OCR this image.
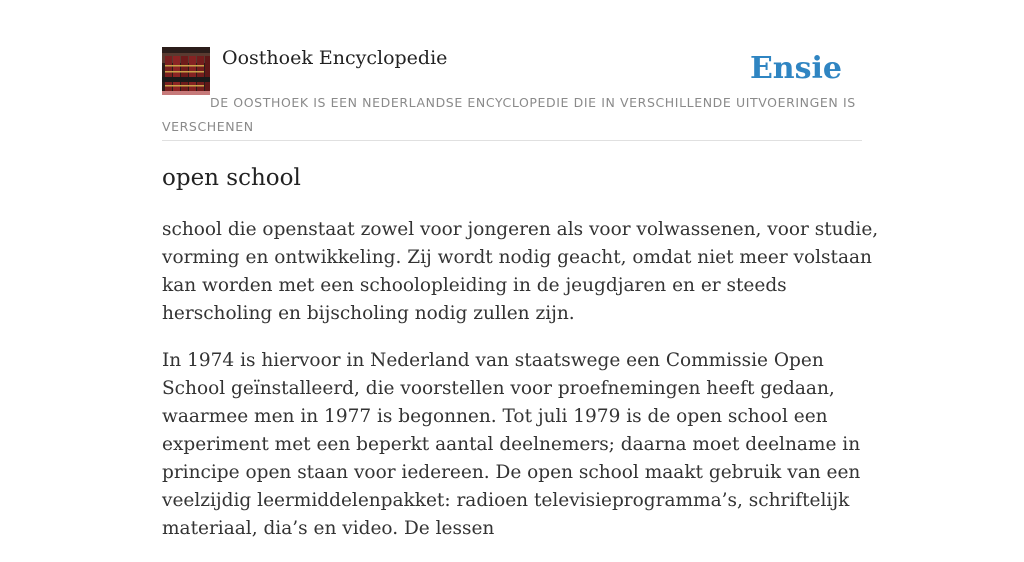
Oosthoek Encyclopedie	Ensie
DE OOSTHOEK IS EEN NEDERLANDSE ENCYCLOPEDIE DIE IN VERSCHILLENDE UITVOERINGEN IS VERSCHENEN
open school

school die openstaat zowel voor jongeren als voor volwassenen, voor studie, vorming en ontwikkeling. Zij wordt nodig geacht, omdat niet meer volstaan kan worden met een schoolopleiding in de jeugdjaren en er steeds herscholing en bijscholing nodig zullen zijn.

In 1974 is hiervoor in Nederland van staatswege een Commissie Open School geïnstalleerd, die voorstellen voor proefnemingen heeft gedaan, waarmee men in 1977 is begonnen. Tot juli 1979 is de open school een experiment met een beperkt aantal deelnemers; daarna moet deelname in principe open staan voor iedereen. De open school maakt gebruik van een veelzijdig leermiddelenpakket: radioen televisieprogramma’s, schriftelijk materiaal, dia’s en video. De lessen
